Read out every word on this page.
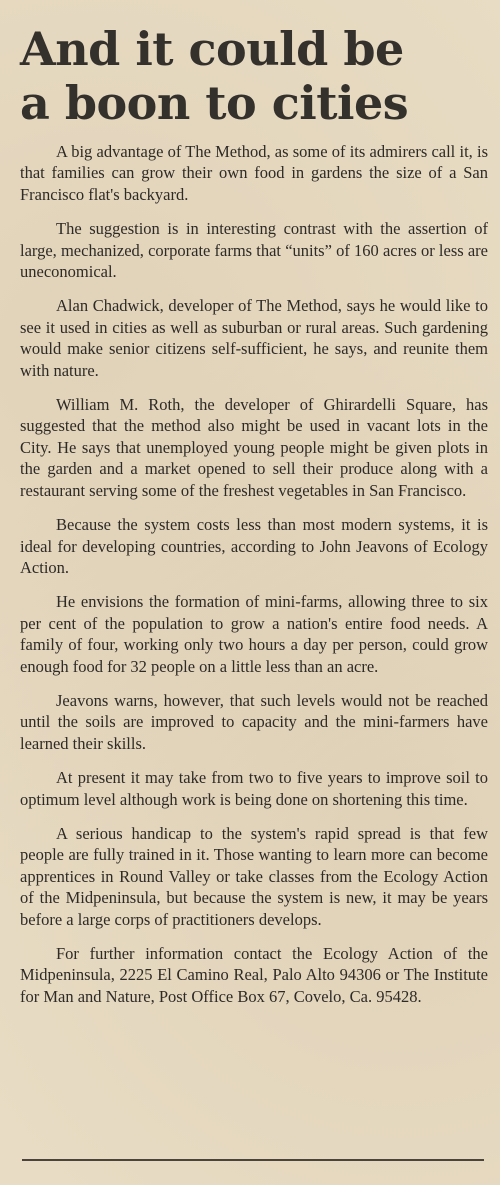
And it could be
a boon to cities

A big advantage of The Method, as some of its admirers call it, is that families can grow their own food in gardens the size of a San Francisco flat's backyard.

The suggestion is in interesting contrast with the assertion of large, mechanized, corporate farms that “units” of 160 acres or less are uneconomical.

Alan Chadwick, developer of The Method, says he would like to see it used in cities as well as suburban or rural areas. Such gardening would make senior citizens self-sufficient, he says, and reunite them with nature.

William M. Roth, the developer of Ghirardelli Square, has suggested that the method also might be used in vacant lots in the City. He says that unemployed young people might be given plots in the garden and a market opened to sell their produce along with a restaurant serving some of the freshest vegetables in San Francisco.

Because the system costs less than most modern systems, it is ideal for developing countries, according to John Jeavons of Ecology Action.

He envisions the formation of mini-farms, allowing three to six per cent of the population to grow a nation's entire food needs. A family of four, working only two hours a day per person, could grow enough food for 32 people on a little less than an acre.

Jeavons warns, however, that such levels would not be reached until the soils are improved to capacity and the mini-farmers have learned their skills.

At present it may take from two to five years to improve soil to optimum level although work is being done on shortening this time.

A serious handicap to the system's rapid spread is that few people are fully trained in it. Those wanting to learn more can become apprentices in Round Valley or take classes from the Ecology Action of the Midpeninsula, but because the system is new, it may be years before a large corps of practitioners develops.

For further information contact the Ecology Action of the Midpeninsula, 2225 El Camino Real, Palo Alto 94306 or The Institute for Man and Nature, Post Office Box 67, Covelo, Ca. 95428.
